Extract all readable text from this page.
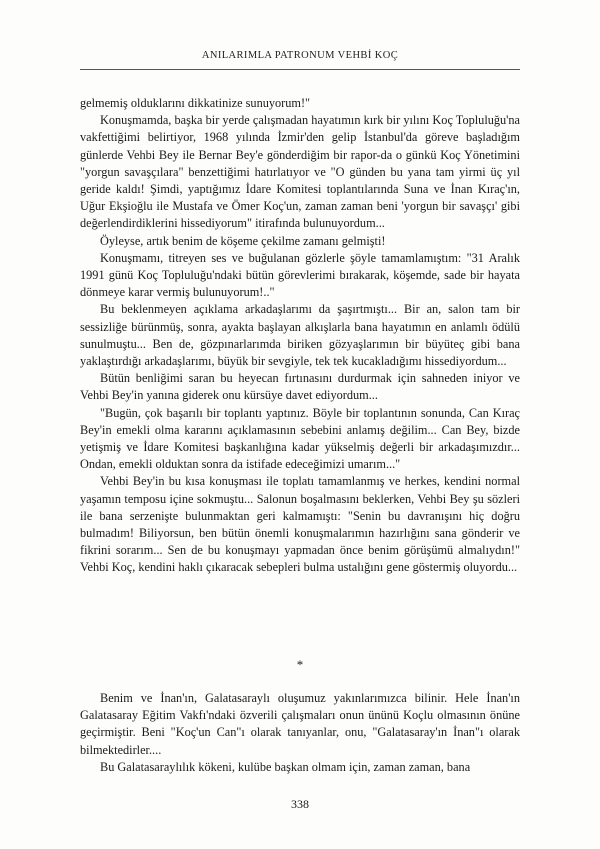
ANILARIMLA PATRONUM VEHBİ KOÇ

gelmemiş olduklarını dikkatinize sunuyorum!"

Konuşmamda, başka bir yerde çalışmadan hayatımın kırk bir yılını Koç Topluluğu'na vakfettiğimi belirtiyor, 1968 yılında İzmir'den gelip İstanbul'da göreve başladığım günlerde Vehbi Bey ile Bernar Bey'e gönderdiğim bir rapor-da o günkü Koç Yönetimini "yorgun savaşçılara" benzettiğimi hatırlatıyor ve "O günden bu yana tam yirmi üç yıl geride kaldı! Şimdi, yaptığımız İdare Komitesi toplantılarında Suna ve İnan Kıraç'ın, Uğur Ekşioğlu ile Mustafa ve Ömer Koç'un, zaman zaman beni 'yorgun bir savaşçı' gibi değerlendirdiklerini hissediyorum" itirafında bulunuyordum...

Öyleyse, artık benim de köşeme çekilme zamanı gelmişti!

Konuşmamı, titreyen ses ve buğulanan gözlerle şöyle tamamlamıştım: "31 Aralık 1991 günü Koç Topluluğu'ndaki bütün görevlerimi bırakarak, köşemde, sade bir hayata dönmeye karar vermiş bulunuyorum!.."

Bu beklenmeyen açıklama arkadaşlarımı da şaşırtmıştı... Bir an, salon tam bir sessizliğe bürünmüş, sonra, ayakta başlayan alkışlarla bana hayatımın en anlamlı ödülü sunulmuştu... Ben de, gözpınarlarımda biriken gözyaşlarımın bir büyüteç gibi bana yaklaştırdığı arkadaşlarımı, büyük bir sevgiyle, tek tek kucakladığımı hissediyordum...

Bütün benliğimi saran bu heyecan fırtınasını durdurmak için sahneden iniyor ve Vehbi Bey'in yanına giderek onu kürsüye davet ediyordum...

"Bugün, çok başarılı bir toplantı yaptınız. Böyle bir toplantının sonunda, Can Kıraç Bey'in emekli olma kararını açıklamasının sebebini anlamış değilim... Can Bey, bizde yetişmiş ve İdare Komitesi başkanlığına kadar yükselmiş değerli bir arkadaşımızdır... Ondan, emekli olduktan sonra da istifade edeceğimizi umarım..."

Vehbi Bey'in bu kısa konuşması ile toplatı tamamlanmış ve herkes, kendini normal yaşamın temposu içine sokmuştu... Salonun boşalmasını beklerken, Vehbi Bey şu sözleri ile bana serzenişte bulunmaktan geri kalmamıştı: "Senin bu davranışını hiç doğru bulmadım! Biliyorsun, ben bütün önemli konuşmalarımın hazırlığını sana gönderir ve fikrini sorarım... Sen de bu konuşmayı yapmadan önce benim görüşümü almalıydın!" Vehbi Koç, kendini haklı çıkaracak sebepleri bulma ustalığını gene göstermiş oluyordu...

*

Benim ve İnan'ın, Galatasaraylı oluşumuz yakınlarımızca bilinir. Hele İnan'ın Galatasaray Eğitim Vakfı'ndaki özverili çalışmaları onun ününü Koçlu olmasının önüne geçirmiştir. Beni "Koç'un Can"ı olarak tanıyanlar, onu, "Galatasaray'ın İnan"ı olarak bilmektedirler....

Bu Galatasaraylılık kökeni, kulübe başkan olmam için, zaman zaman, bana

338
